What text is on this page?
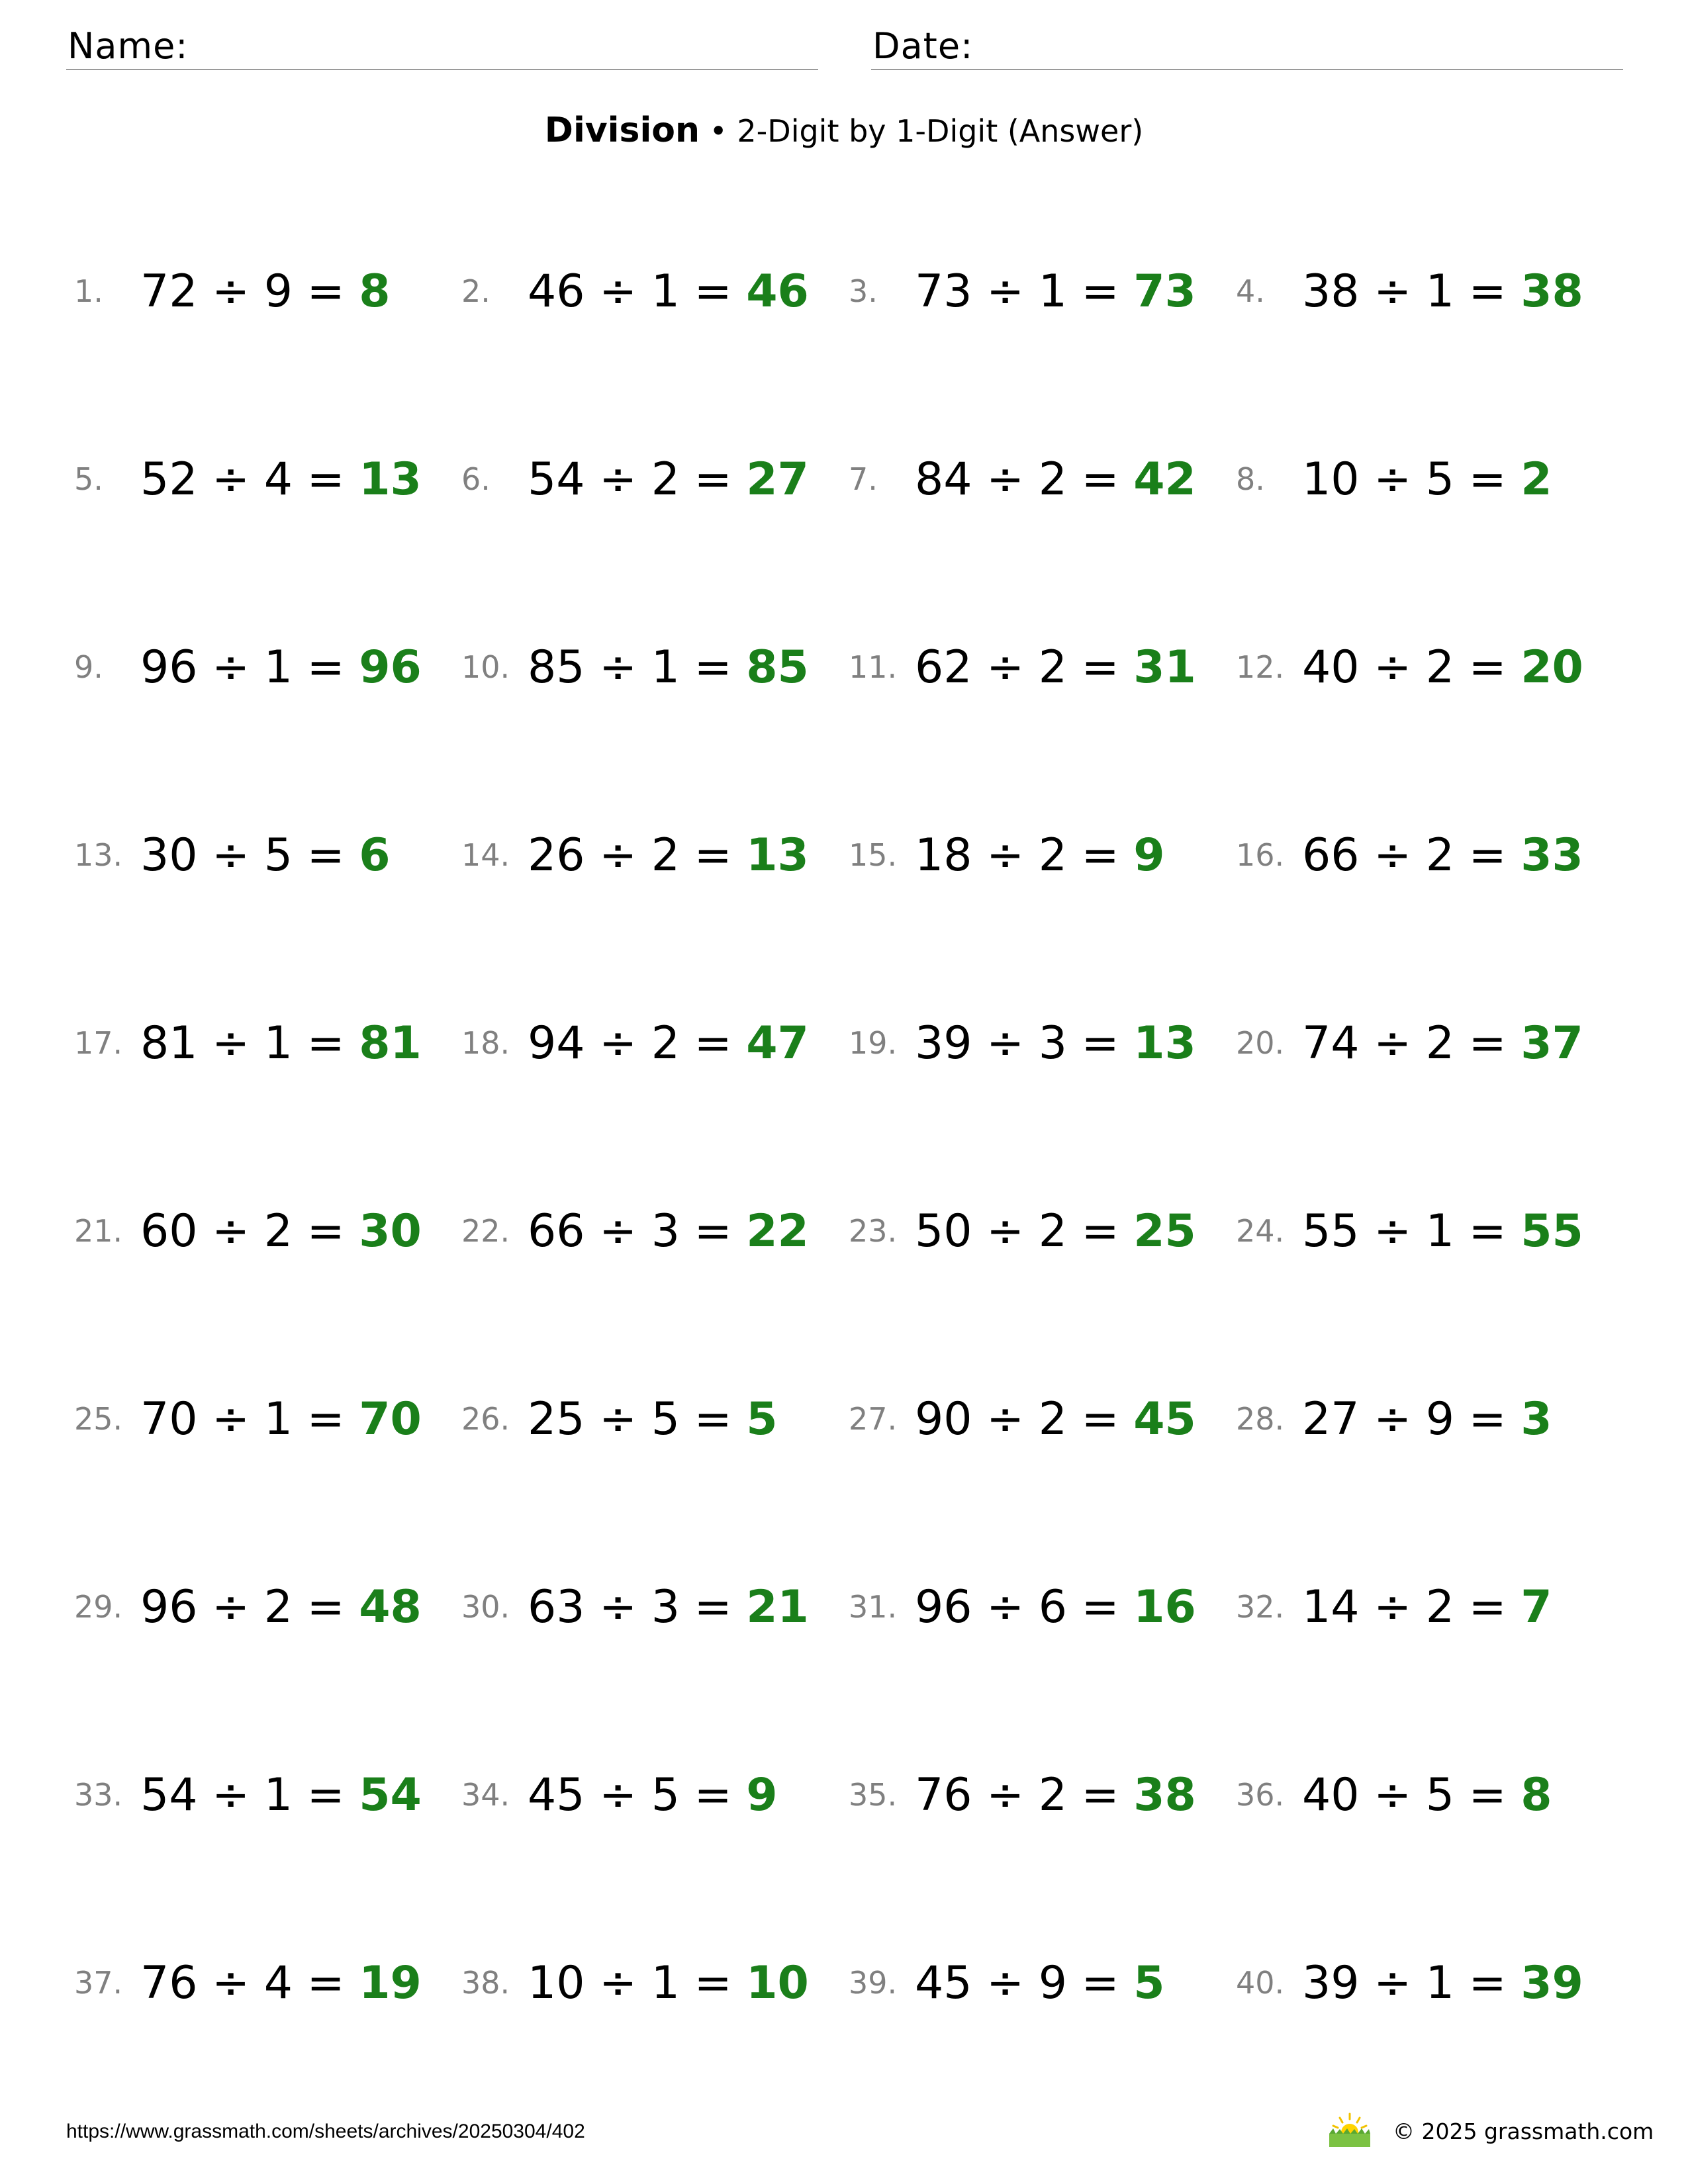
Name:	Date:
Division • 2-Digit by 1-Digit (Answer)
1. 72 ÷ 9 = 8 2. 46 ÷ 1 = 46 3. 73 ÷ 1 = 73 4. 38 ÷ 1 = 38
5. 52 ÷ 4 = 13 6. 54 ÷ 2 = 27 7. 84 ÷ 2 = 42 8. 10 ÷ 5 = 2
9. 96 ÷ 1 = 96 10. 85 ÷ 1 = 85 11. 62 ÷ 2 = 31 12. 40 ÷ 2 = 20
13. 30 ÷ 5 = 6 14. 26 ÷ 2 = 13 15. 18 ÷ 2 = 9 16. 66 ÷ 2 = 33
17. 81 ÷ 1 = 81 18. 94 ÷ 2 = 47 19. 39 ÷ 3 = 13 20. 74 ÷ 2 = 37
21. 60 ÷ 2 = 30 22. 66 ÷ 3 = 22 23. 50 ÷ 2 = 25 24. 55 ÷ 1 = 55
25. 70 ÷ 1 = 70 26. 25 ÷ 5 = 5 27. 90 ÷ 2 = 45 28. 27 ÷ 9 = 3
29. 96 ÷ 2 = 48 30. 63 ÷ 3 = 21 31. 96 ÷ 6 = 16 32. 14 ÷ 2 = 7
33. 54 ÷ 1 = 54 34. 45 ÷ 5 = 9 35. 76 ÷ 2 = 38 36. 40 ÷ 5 = 8
37. 76 ÷ 4 = 19 38. 10 ÷ 1 = 10 39. 45 ÷ 9 = 5 40. 39 ÷ 1 = 39
https://www.grassmath.com/sheets/archives/20250304/402	© 2025 grassmath.com
